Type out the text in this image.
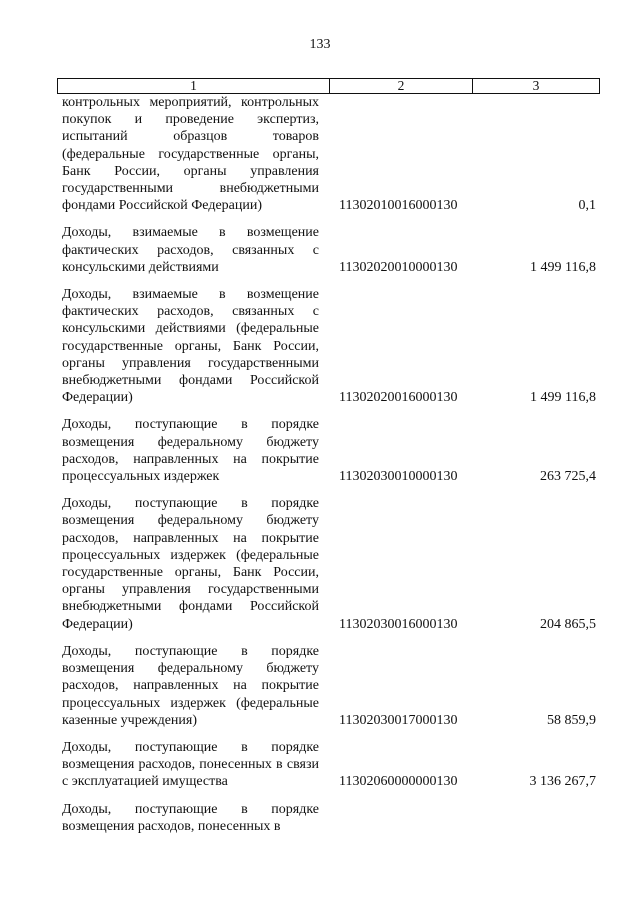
133
1	2	3
контрольных мероприятий, контрольных покупок и проведение экспертиз, испытаний образцов товаров (федеральные государственные органы, Банк России, органы управления государственными внебюджетными фондами Российской Федерации)	11302010016000130	0,1
Доходы, взимаемые в возмещение фактических расходов, связанных с консульскими действиями	11302020010000130	1 499 116,8
Доходы, взимаемые в возмещение фактических расходов, связанных с консульскими действиями (федеральные государственные органы, Банк России, органы управления государственными внебюджетными фондами Российской Федерации)	11302020016000130	1 499 116,8
Доходы, поступающие в порядке возмещения федеральному бюджету расходов, направленных на покрытие процессуальных издержек	11302030010000130	263 725,4
Доходы, поступающие в порядке возмещения федеральному бюджету расходов, направленных на покрытие процессуальных издержек (федеральные государственные органы, Банк России, органы управления государственными внебюджетными фондами Российской Федерации)	11302030016000130	204 865,5
Доходы, поступающие в порядке возмещения федеральному бюджету расходов, направленных на покрытие процессуальных издержек (федеральные казенные учреждения)	11302030017000130	58 859,9
Доходы, поступающие в порядке возмещения расходов, понесенных в связи с эксплуатацией имущества	11302060000000130	3 136 267,7
Доходы, поступающие в порядке возмещения расходов, понесенных в
